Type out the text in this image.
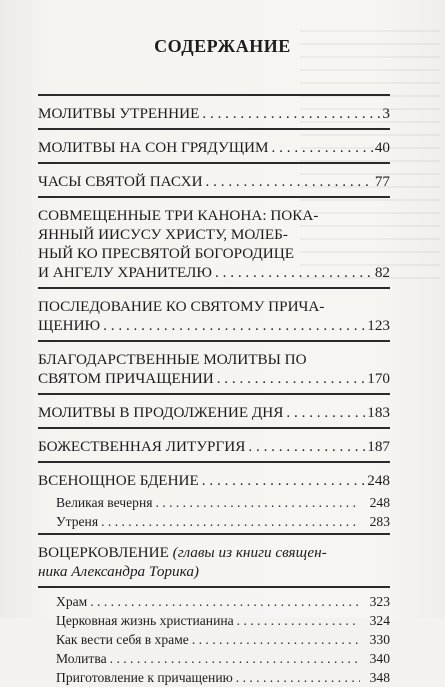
СОДЕРЖАНИЕ
МОЛИТВЫ УТРЕННИЕ . . .	3
МОЛИТВЫ НА СОН ГРЯДУЩИМ . . .	40
ЧАСЫ СВЯТОЙ ПАСХИ . . .	77
СОВМЕЩЕННЫЕ ТРИ КАНОНА: ПОКА-
ЯННЫЙ ИИСУСУ ХРИСТУ, МОЛЕБ-
НЫЙ КО ПРЕСВЯТОЙ БОГОРОДИЦЕ
И АНГЕЛУ ХРАНИТЕЛЮ . . .	82
ПОСЛЕДОВАНИЕ КО СВЯТОМУ ПРИЧА-
ЩЕНИЮ . . .	123
БЛАГОДАРСТВЕННЫЕ МОЛИТВЫ ПО
СВЯТОМ ПРИЧАЩЕНИИ . . .	170
МОЛИТВЫ В ПРОДОЛЖЕНИЕ ДНЯ . . .	183
БОЖЕСТВЕННАЯ ЛИТУРГИЯ . . .	187
ВСЕНОЩНОЕ БДЕНИЕ . . .	248
Великая вечерня . . .	248
Утреня . . .	283
ВОЦЕРКОВЛЕНИЕ (главы из книги священ-
ника Александра Торика)
Храм . . .	323
Церковная жизнь христианина . . .	324
Как вести себя в храме . . .	330
Молитва . . .	340
Приготовление к причащению . . .	348
